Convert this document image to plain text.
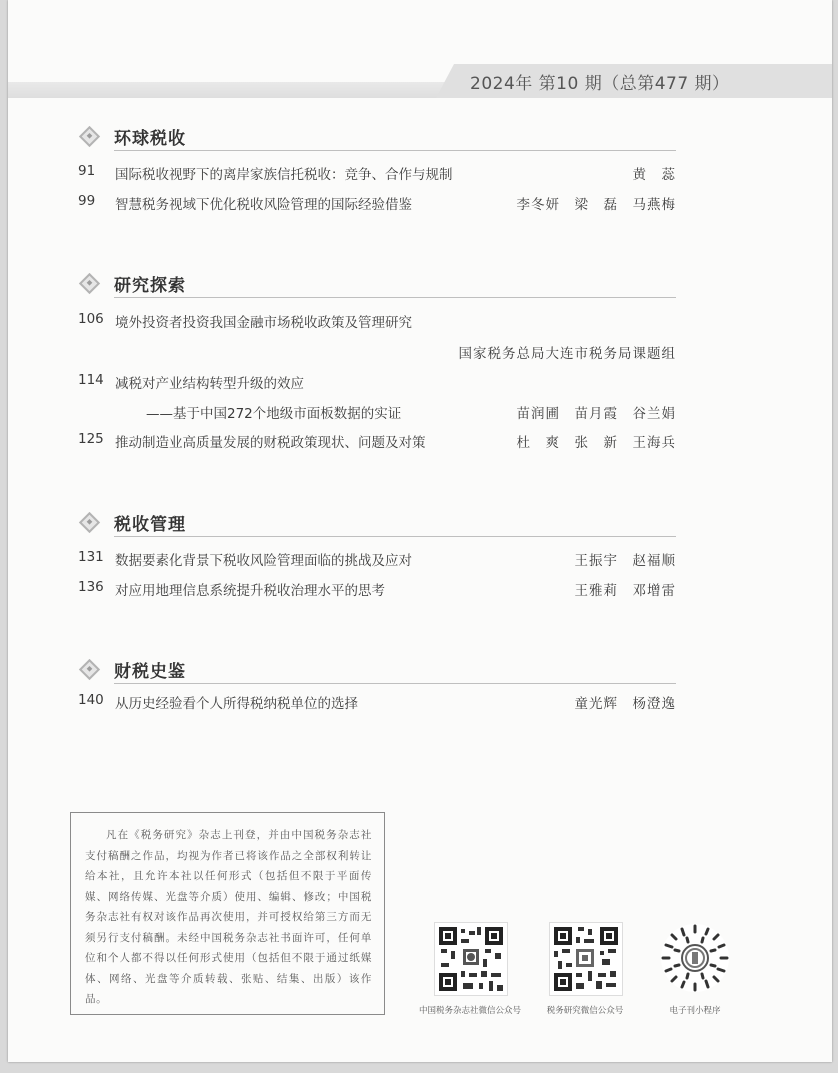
2024年 第10 期（总第477 期）
环球税收
91	国际税收视野下的离岸家族信托税收：竞争、合作与规制	黄　蕊
99	智慧税务视域下优化税收风险管理的国际经验借鉴	李冬妍　梁　磊　马燕梅
研究探索
106 境外投资者投资我国金融市场税收政策及管理研究
国家税务总局大连市税务局课题组
114 减税对产业结构转型升级的效应
——基于中国272个地级市面板数据的实证	苗润圃　苗月霞　谷兰娟
125 推动制造业高质量发展的财税政策现状、问题及对策	杜　爽　张　新　王海兵
税收管理
131 数据要素化背景下税收风险管理面临的挑战及应对	王振宇　赵福顺
136 对应用地理信息系统提升税收治理水平的思考	王雅莉　邓增雷
财税史鉴
140 从历史经验看个人所得税纳税单位的选择	童光辉　杨澄逸
凡在《税务研究》杂志上刊登，并由中国税务杂志社支付稿酬之作品，均视为作者已将该作品之全部权利转让给本社，且允许本社以任何形式（包括但不限于平面传媒、网络传媒、光盘等介质）使用、编辑、修改；中国税务杂志社有权对该作品再次使用，并可授权给第三方而无须另行支付稿酬。未经中国税务杂志社书面许可，任何单位和个人都不得以任何形式使用（包括但不限于通过纸媒体、网络、光盘等介质转载、张贴、结集、出版）该作品。
中国税务杂志社微信公众号	税务研究微信公众号	电子刊小程序
